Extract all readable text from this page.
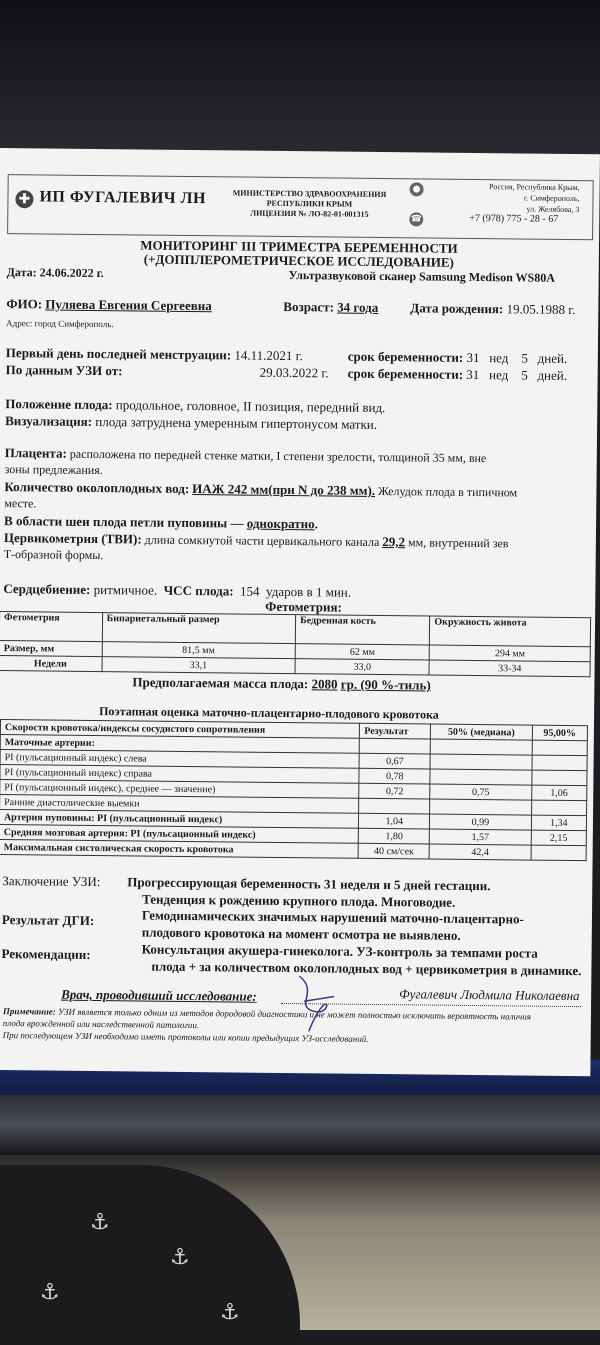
⚓
⚓
⚓
⚓
✚ ИП ФУГАЛЕВИЧ ЛН	МИНИСТЕРСТВО ЗДРАВООХРАНЕНИЯ
РЕСПУБЛИКИ КРЫМ
ЛИЦЕНЗИЯ № ЛО-82-01-001315
●
☎
Россия, Республика Крым,
г. Симферополь,
ул. Желябова, 3
+7 (978) 775 - 28 - 67
МОНИТОРИНГ III ТРИМЕСТРА БЕРЕМЕННОСТИ
(+ДОППЛЕРОМЕТРИЧЕСКОЕ ИССЛЕДОВАНИЕ)
Дата: 24.06.2022 г.	Ультразвуковой сканер Samsung Medison WS80A
ФИО: Пуляева Евгения Сергеевна	Возраст: 34 года Дата рождения: 19.05.1988 г.
Адрес: город Симферополь.
Первый день последней менструации: 14.11.2021 г.	срок беременности: 31 нед 5 дней.
По данным УЗИ от:	29.03.2022 г. срок беременности: 31 нед 5 дней.
Положение плода: продольное, головное, II позиция, передний вид.
Визуализация: плода затруднена умеренным гипертонусом матки.
Плацента: расположена по передней стенке матки, I степени зрелости, толщиной 35 мм, вне
зоны предлежания.
Количество околоплодных вод: ИАЖ 242 мм(при N до 238 мм). Желудок плода в типичном
месте.
В области шеи плода петли пуповины — однократно.
Цервикометрия (ТВИ): длина сомкнутой части цервикального канала 29,2 мм, внутренний зев
Т-образной формы.
Сердцебиение: ритмичное. ЧСС плода: 154 ударов в 1 мин.
Фетометрия:
Фетометрия	Бипариетальный размер	Бедренная кость	Окружность живота
Размер, мм	81,5 мм	62 мм	294 мм
Недели	33,1	33,0	33-34
Предполагаемая масса плода: 2080 гр. (90 %-тиль)
Поэтапная оценка маточно-плацентарно-плодового кровотока
Скорости кровотока/индексы сосудистого сопротивления	Результат	50% (медиана)	95,00%
Маточные артерии:			
PI (пульсационный индекс) слева	0,67		
PI (пульсационный индекс) справа	0,78		
PI (пульсационный индекс), среднее — значение)	0,72	0,75	1,06
Ранние диастолические выемки			
Артерия пуповины: PI (пульсационный индекс)	1,04	0,99	1,34
Средняя мозговая артерия: PI (пульсационный индекс)	1,80	1,57	2,15
Максимальная систолическая скорость кровотока	40 см/сек	42,4	
Заключение УЗИ: Прогрессирующая беременность 31 неделя и 5 дней гестации.
Тенденция к рождению крупного плода. Многоводие.
Результат ДГИ:	Гемодинамических значимых нарушений маточно-плацентарно-
плодового кровотока на момент осмотра не выявлено.
Рекомендации:	Консультация акушера-гинеколога. УЗ-контроль за темпами роста
плода + за количеством околоплодных вод + цервикометрия в динамике.
Врач, проводивший исследование:	Фугалевич Людмила Николаевна
Примечание: УЗИ является только одним из методов дородовой диагностики и не может полностью исключить вероятность наличия
плода врожденной или наследственной патологии.
При последующем УЗИ необходимо иметь протоколы или копии предыдущих УЗ-исследований.
